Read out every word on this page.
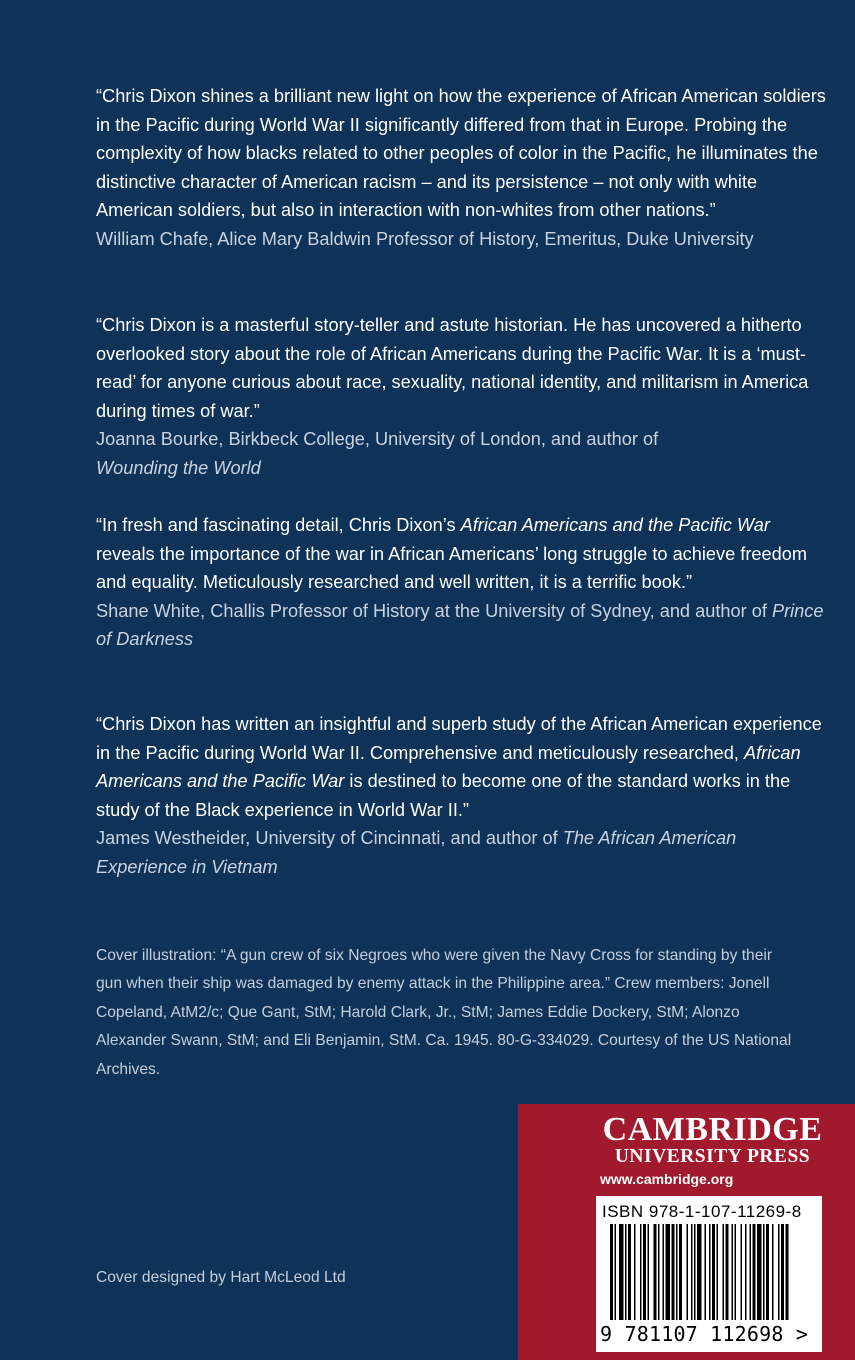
“Chris Dixon shines a brilliant new light on how the experience of African American soldiers in the Pacific during World War II significantly differed from that in Europe. Probing the complexity of how blacks related to other peoples of color in the Pacific, he illuminates the distinctive character of American racism – and its persistence – not only with white American soldiers, but also in interaction with non-whites from other nations.”
William Chafe, Alice Mary Baldwin Professor of History, Emeritus, Duke University
“Chris Dixon is a masterful story-teller and astute historian. He has uncovered a hitherto overlooked story about the role of African Americans during the Pacific War. It is a ‘must-read’ for anyone curious about race, sexuality, national identity, and militarism in America during times of war.”
Joanna Bourke, Birkbeck College, University of London, and author of
Wounding the World
“In fresh and fascinating detail, Chris Dixon’s African Americans and the Pacific War reveals the importance of the war in African Americans’ long struggle to achieve freedom and equality. Meticulously researched and well written, it is a terrific book.”
Shane White, Challis Professor of History at the University of Sydney, and author of Prince of Darkness
“Chris Dixon has written an insightful and superb study of the African American experience in the Pacific during World War II. Comprehensive and meticulously researched, African Americans and the Pacific War is destined to become one of the standard works in the study of the Black experience in World War II.”
James Westheider, University of Cincinnati, and author of The African American Experience in Vietnam
Cover illustration: “A gun crew of six Negroes who were given the Navy Cross for standing by their gun when their ship was damaged by enemy attack in the Philippine area.” Crew members: Jonell Copeland, AtM2/c; Que Gant, StM; Harold Clark, Jr., StM; James Eddie Dockery, StM; Alonzo Alexander Swann, StM; and Eli Benjamin, StM. Ca. 1945. 80-G-334029. Courtesy of the US National Archives.
Cover designed by Hart McLeod Ltd
CAMBRIDGE
UNIVERSITY PRESS
www.cambridge.org
ISBN 978-1-107-11269-8
9 781107 112698 >
